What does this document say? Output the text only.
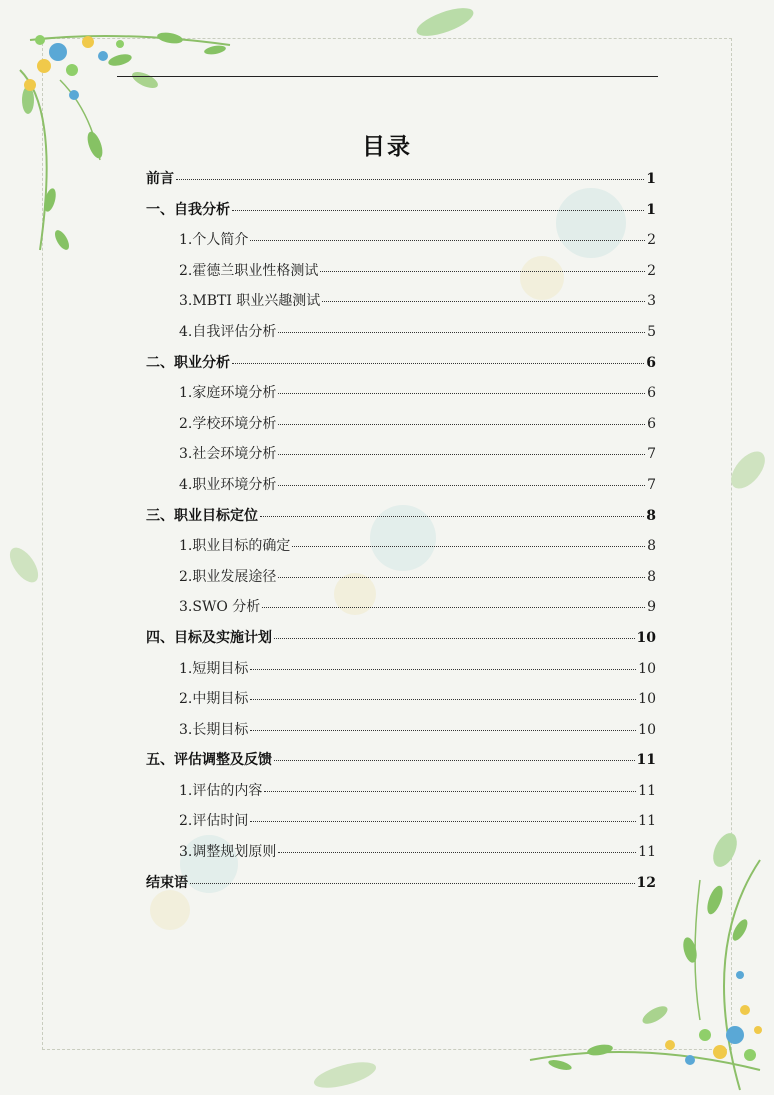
目录
前言	1
一、自我分析	1
1.个人简介	2
2.霍德兰职业性格测试	2
3.MBTI 职业兴趣测试	3
4.自我评估分析	5
二、职业分析	6
1.家庭环境分析	6
2.学校环境分析	6
3.社会环境分析	7
4.职业环境分析	7
三、职业目标定位	8
1.职业目标的确定	8
2.职业发展途径	8
3.SWO 分析	9
四、目标及实施计划	10
1.短期目标	10
2.中期目标	10
3.长期目标	10
五、评估调整及反馈	11
1.评估的内容	11
2.评估时间	11
3.调整规划原则	11
结束语	12
